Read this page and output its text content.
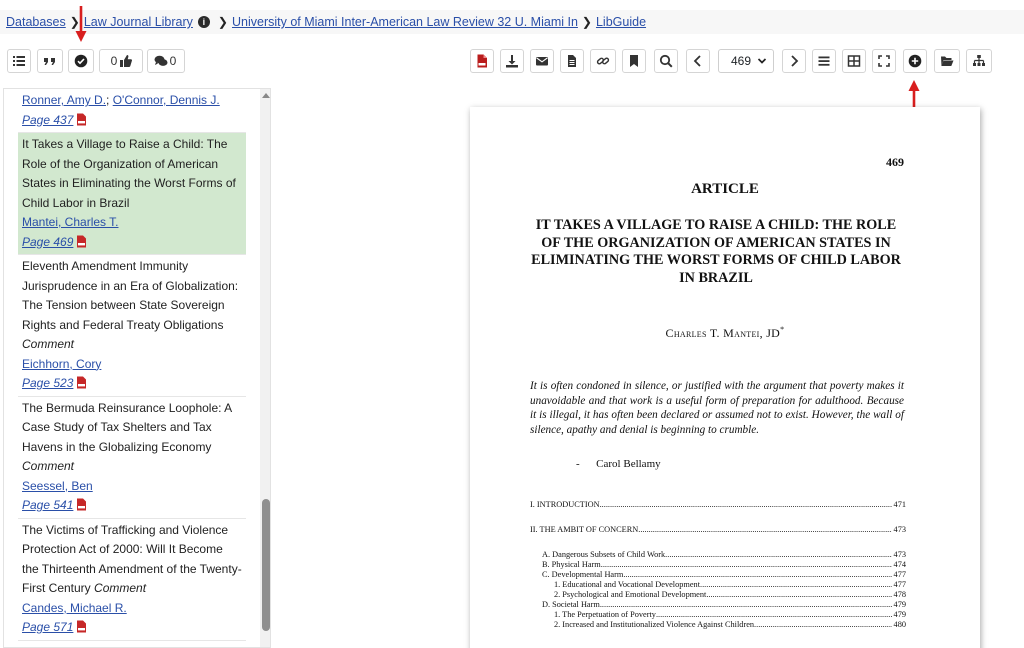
Databases ❯ Law Journal Library	i	❯ University of Miami Inter-American Law Review 32 U. Miami In ❯ LibGuide
0	0	469
Ronner, Amy D.; O'Connor, Dennis J.
Page 437
It Takes a Village to Raise a Child: The Role of the Organization of American States in Eliminating the Worst Forms of Child Labor in Brazil
Mantei, Charles T.
Page 469
Eleventh Amendment Immunity Jurisprudence in an Era of Globalization: The Tension between State Sovereign Rights and Federal Treaty Obligations
Comment
Eichhorn, Cory
Page 523
The Bermuda Reinsurance Loophole: A Case Study of Tax Shelters and Tax Havens in the Globalizing Economy
Comment
Seessel, Ben
Page 541
The Victims of Trafficking and Violence Protection Act of 2000: Will It Become the Thirteenth Amendment of the Twenty-First Century Comment
Candes, Michael R.
Page 571
469
ARTICLE
IT TAKES A VILLAGE TO RAISE A CHILD: THE ROLE OF THE ORGANIZATION OF AMERICAN STATES IN ELIMINATING THE WORST FORMS OF CHILD LABOR IN BRAZIL
Charles T. Mantei, JD*
It is often condoned in silence, or justified with the argument that poverty makes it unavoidable and that work is a useful form of preparation for adulthood. Because it is illegal, it has often been declared or assumed not to exist. However, the wall of silence, apathy and denial is beginning to crumble.
-      Carol Bellamy
I. INTRODUCTION .....	471
II. THE AMBIT OF CONCERN .....	473
A. Dangerous Subsets of Child Work .....	473
B. Physical Harm .....	474
C. Developmental Harm .....	477
1. Educational and Vocational Development .....	477
2. Psychological and Emotional Development .....	478
D. Societal Harm .....	479
1. The Perpetuation of Poverty .....	479
2. Increased and Institutionalized Violence Against Children .....	480
